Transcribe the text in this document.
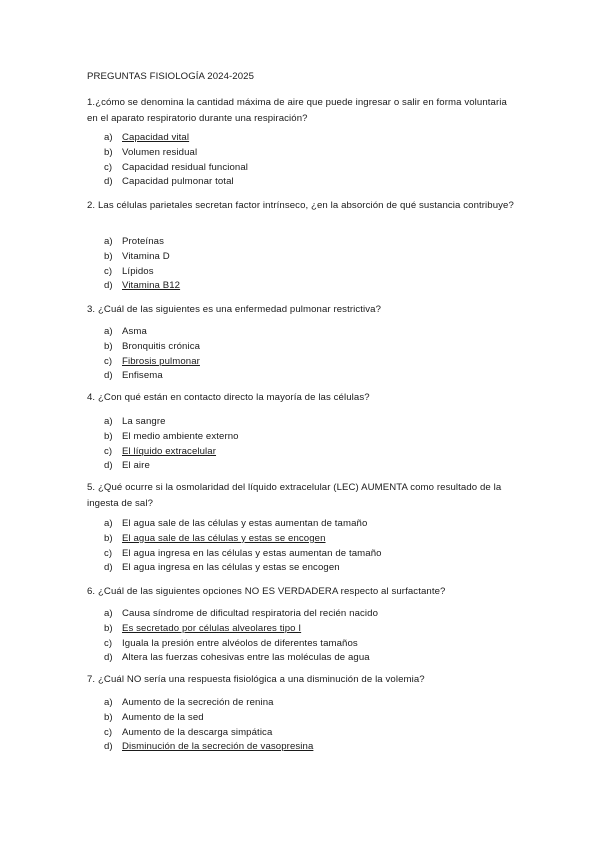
PREGUNTAS FISIOLOGÍA 2024-2025
1.¿cómo se denomina la cantidad máxima de aire que puede ingresar o salir en forma voluntaria en el aparato respiratorio durante una respiración?
a) Capacidad vital
b) Volumen residual
c) Capacidad residual funcional
d) Capacidad pulmonar total
2. Las células parietales secretan factor intrínseco, ¿en la absorción de qué sustancia contribuye?
a) Proteínas
b) Vitamina D
c) Lípidos
d) Vitamina B12
3. ¿Cuál de las siguientes es una enfermedad pulmonar restrictiva?
a) Asma
b) Bronquitis crónica
c) Fibrosis pulmonar
d) Enfisema
4. ¿Con qué están en contacto directo la mayoría de las células?
a) La sangre
b) El medio ambiente externo
c) El líquido extracelular
d) El aire
5. ¿Qué ocurre si la osmolaridad del líquido extracelular (LEC) AUMENTA como resultado de la ingesta de sal?
a) El agua sale de las células y estas aumentan de tamaño
b) El agua sale de las células y estas se encogen
c) El agua ingresa en las células y estas aumentan de tamaño
d) El agua ingresa en las células y estas se encogen
6. ¿Cuál de las siguientes opciones NO ES VERDADERA respecto al surfactante?
a) Causa síndrome de dificultad respiratoria del recién nacido
b) Es secretado por células alveolares tipo I
c) Iguala la presión entre alvéolos de diferentes tamaños
d) Altera las fuerzas cohesivas entre las moléculas de agua
7. ¿Cuál NO sería una respuesta fisiológica a una disminución de la volemia?
a) Aumento de la secreción de renina
b) Aumento de la sed
c) Aumento de la descarga simpática
d) Disminución de la secreción de vasopresina
